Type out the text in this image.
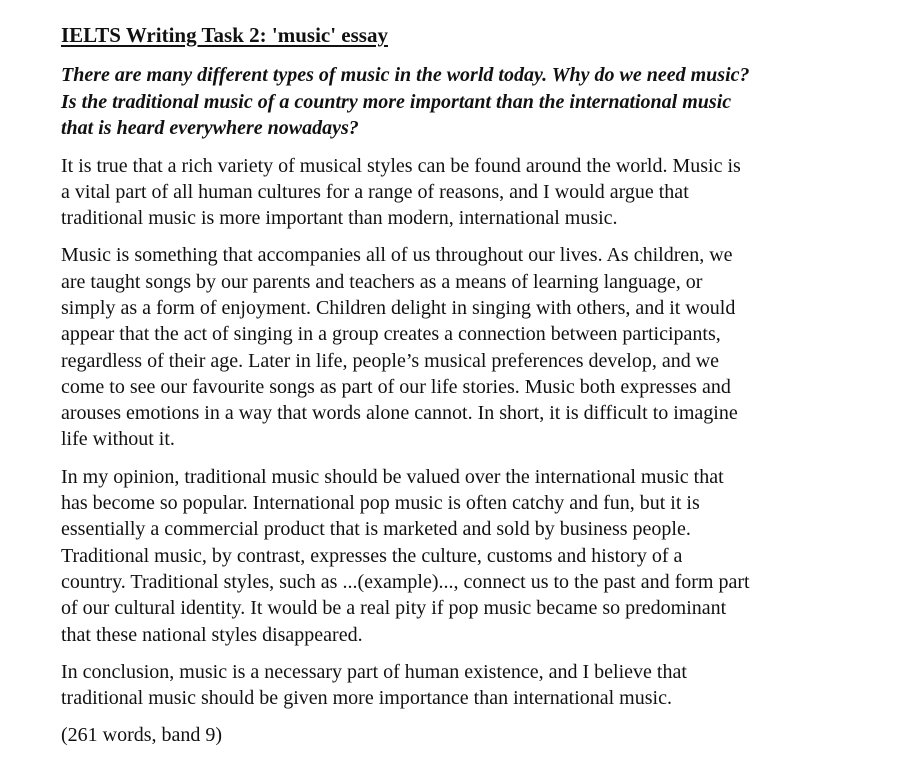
IELTS Writing Task 2: 'music' essay
There are many different types of music in the world today. Why do we need music?
Is the traditional music of a country more important than the international music
that is heard everywhere nowadays?
It is true that a rich variety of musical styles can be found around the world. Music is
a vital part of all human cultures for a range of reasons, and I would argue that
traditional music is more important than modern, international music.
Music is something that accompanies all of us throughout our lives. As children, we
are taught songs by our parents and teachers as a means of learning language, or
simply as a form of enjoyment. Children delight in singing with others, and it would
appear that the act of singing in a group creates a connection between participants,
regardless of their age. Later in life, people’s musical preferences develop, and we
come to see our favourite songs as part of our life stories. Music both expresses and
arouses emotions in a way that words alone cannot. In short, it is difficult to imagine
life without it.
In my opinion, traditional music should be valued over the international music that
has become so popular. International pop music is often catchy and fun, but it is
essentially a commercial product that is marketed and sold by business people.
Traditional music, by contrast, expresses the culture, customs and history of a
country. Traditional styles, such as ...(example)..., connect us to the past and form part
of our cultural identity. It would be a real pity if pop music became so predominant
that these national styles disappeared.
In conclusion, music is a necessary part of human existence, and I believe that
traditional music should be given more importance than international music.
(261 words, band 9)
